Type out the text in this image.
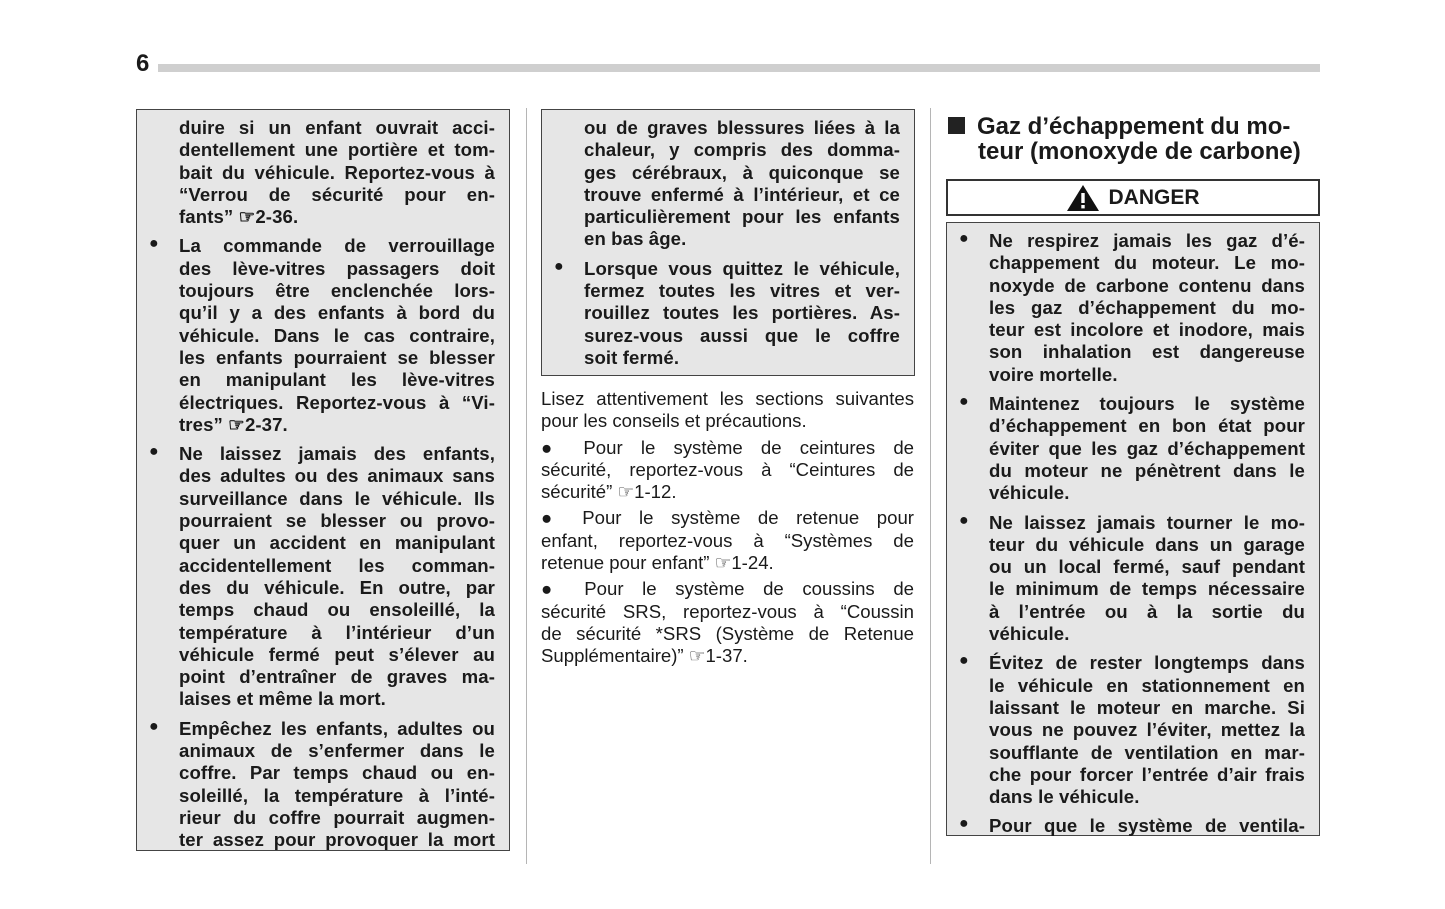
6

duire si un enfant ouvrait acci-

dentellement une portière et tom-

bait du véhicule. Reportez-vous à

“Verrou de sécurité pour en-

fants” ☞2-36.

●	La commande de verrouillage

des lève-vitres passagers doit

toujours être enclenchée lors-

qu’il y a des enfants à bord du

véhicule. Dans le cas contraire,

les enfants pourraient se blesser

en manipulant les lève-vitres

électriques. Reportez-vous à “Vi-

tres” ☞2-37.

●	Ne laissez jamais des enfants,

des adultes ou des animaux sans

surveillance dans le véhicule. Ils

pourraient se blesser ou provo-

quer un accident en manipulant

accidentellement les comman-

des du véhicule. En outre, par

temps chaud ou ensoleillé, la

température à l’intérieur d’un

véhicule fermé peut s’élever au

point d’entraîner de graves ma-

laises et même la mort.

●	Empêchez les enfants, adultes ou

animaux de s’enfermer dans le

coffre. Par temps chaud ou en-

soleillé, la température à l’inté-

rieur du coffre pourrait augmen-

ter assez pour provoquer la mort

ou de graves blessures liées à la

chaleur, y compris des domma-

ges cérébraux, à quiconque se

trouve enfermé à l’intérieur, et ce

particulièrement pour les enfants

en bas âge.

●	Lorsque vous quittez le véhicule,

fermez toutes les vitres et ver-

rouillez toutes les portières. As-

surez-vous aussi que le coffre

soit fermé.

Lisez attentivement les sections suivantes
pour les conseils et précautions.

● Pour le système de ceintures de
sécurité, reportez-vous à “Ceintures de
sécurité” ☞1-12.

● Pour le système de retenue pour
enfant, reportez-vous à “Systèmes de
retenue pour enfant” ☞1-24.

● Pour le système de coussins de
sécurité SRS, reportez-vous à “Coussin
de sécurité *SRS (Système de Retenue
Supplémentaire)” ☞1-37.

Gaz d’échappement du mo-
teur (monoxyde de carbone)
DANGER
●	Ne respirez jamais les gaz d’é-

chappement du moteur. Le mo-

noxyde de carbone contenu dans

les gaz d’échappement du mo-

teur est incolore et inodore, mais

son inhalation est dangereuse

voire mortelle.

●	Maintenez toujours le système

d’échappement en bon état pour

éviter que les gaz d’échappement

du moteur ne pénètrent dans le

véhicule.

●	Ne laissez jamais tourner le mo-

teur du véhicule dans un garage

ou un local fermé, sauf pendant

le minimum de temps nécessaire

à l’entrée ou à la sortie du

véhicule.

●	Évitez de rester longtemps dans

le véhicule en stationnement en

laissant le moteur en marche. Si

vous ne pouvez l’éviter, mettez la

soufflante de ventilation en mar-

che pour forcer l’entrée d’air frais

dans le véhicule.

●	Pour que le système de ventila-
